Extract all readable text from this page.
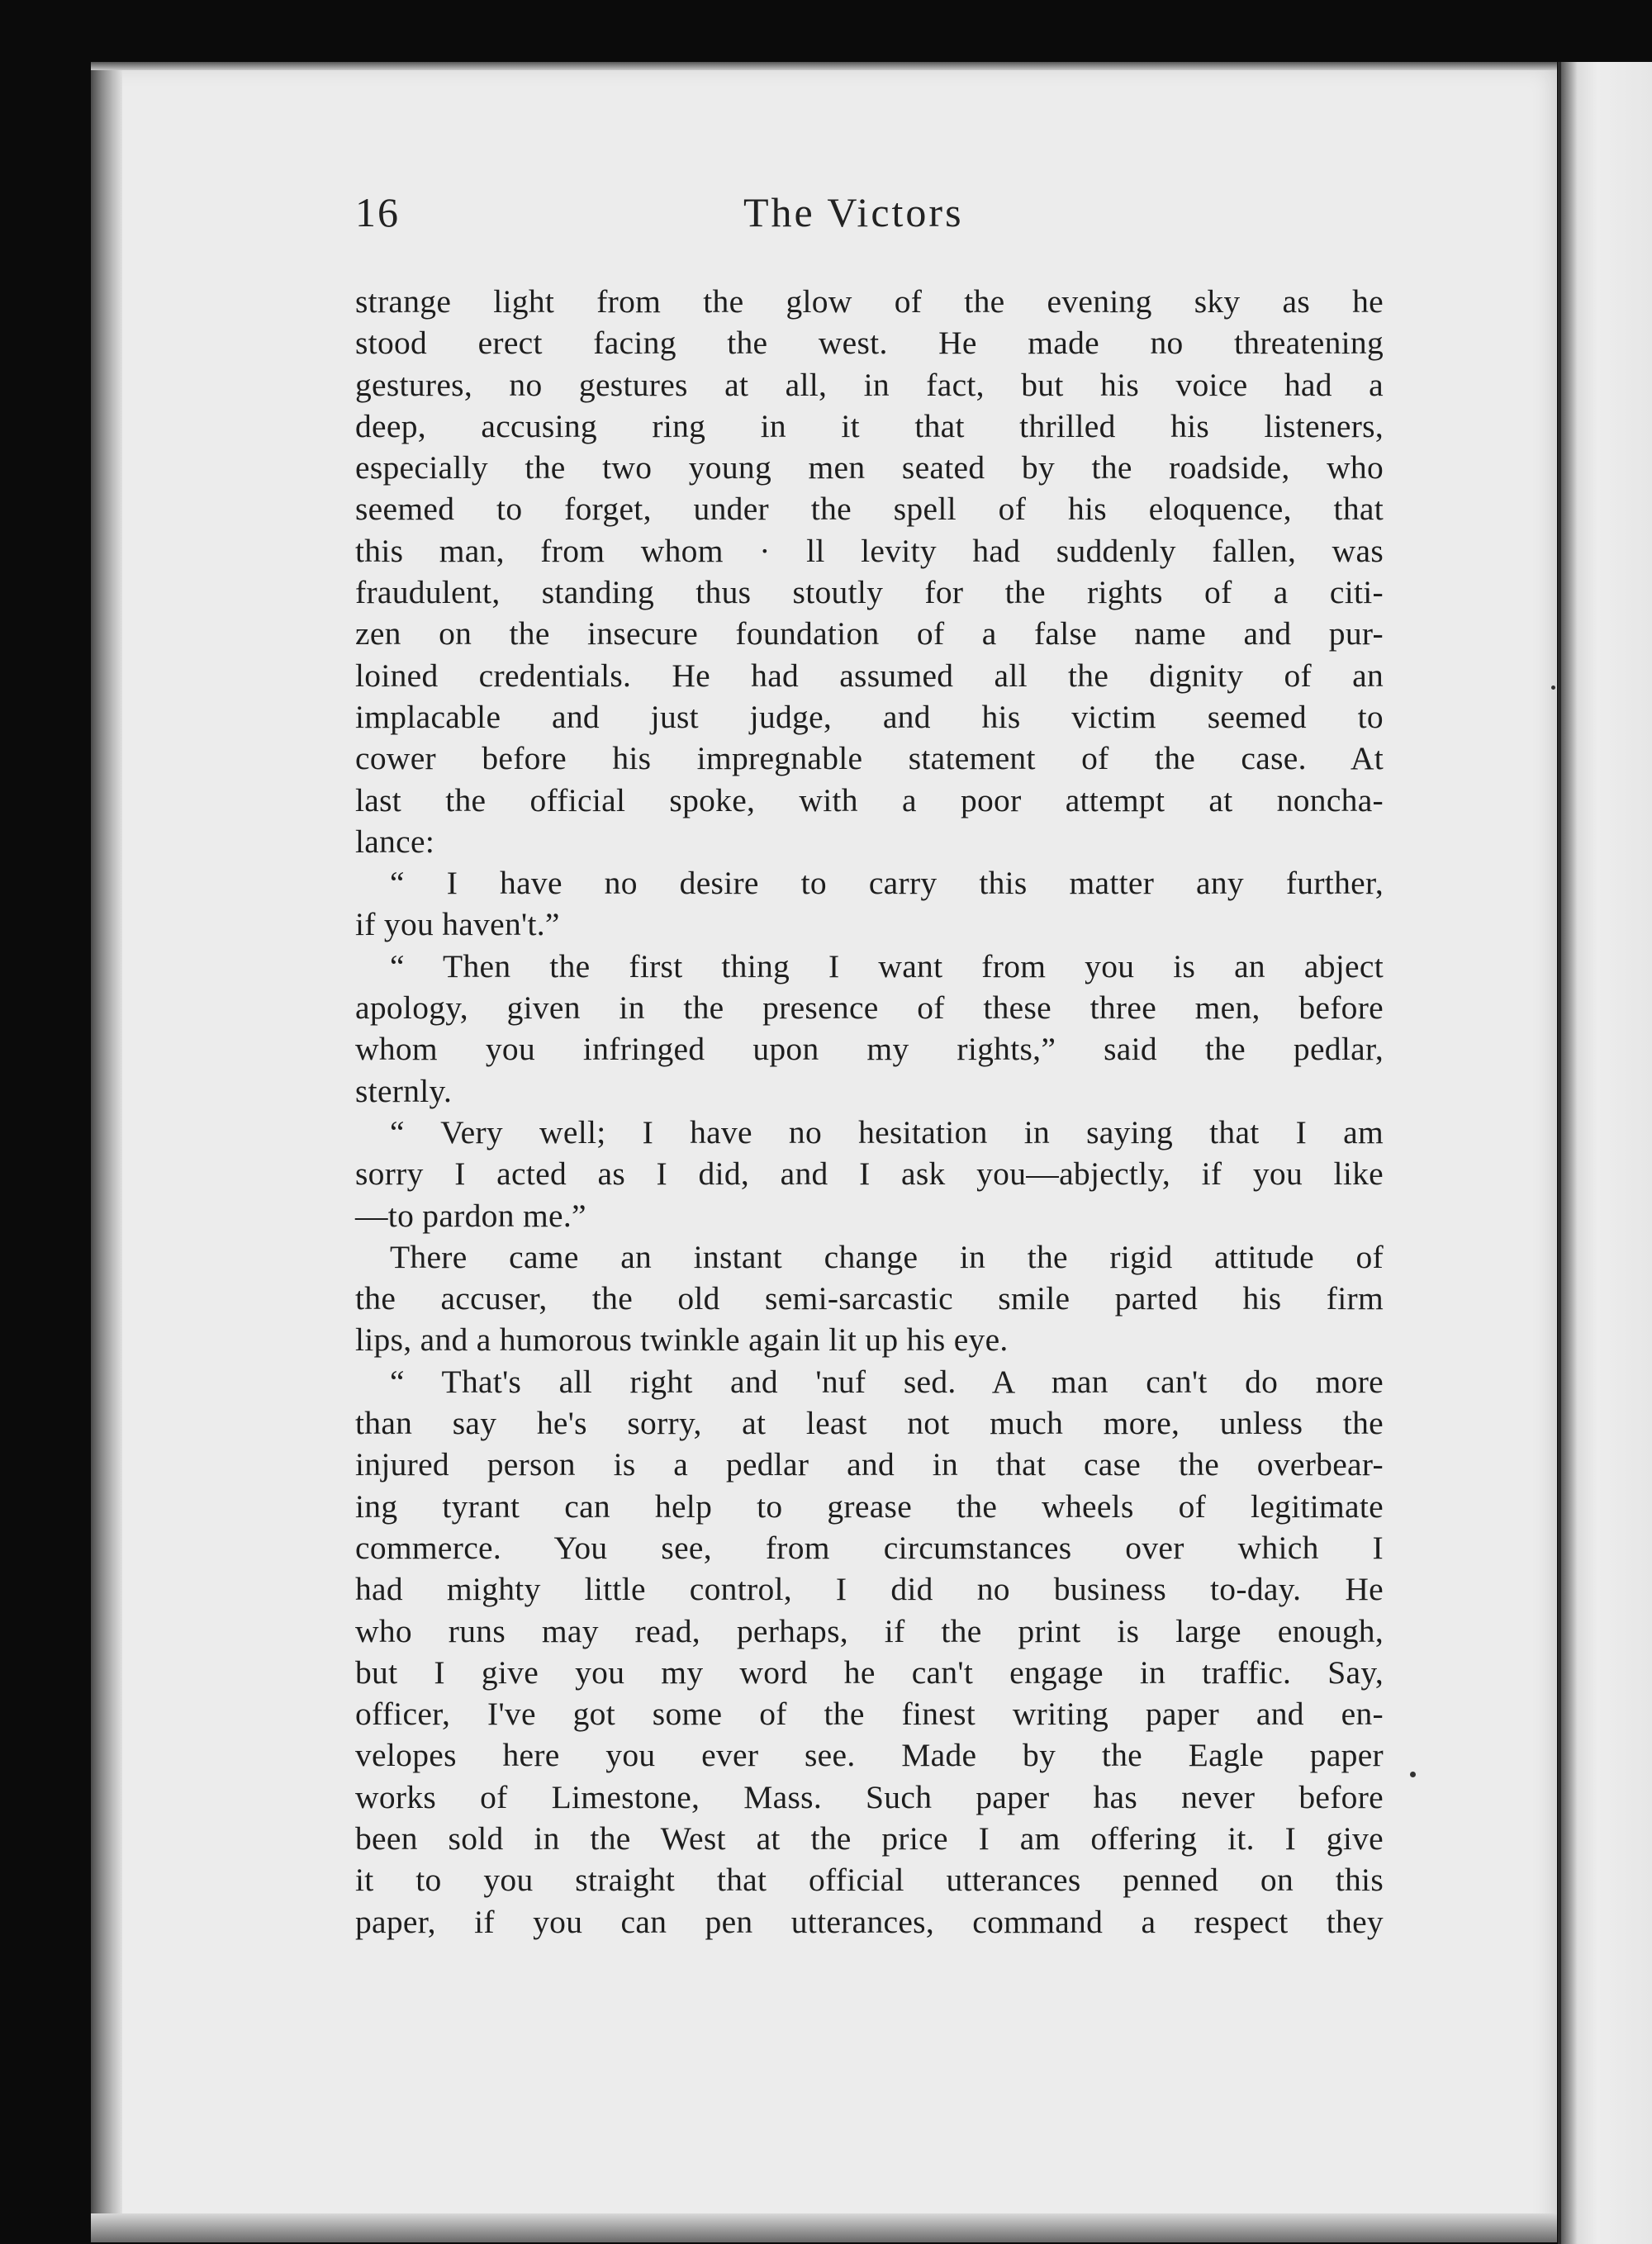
16	The Victors
strange light from the glow of the evening sky as he
stood erect facing the west. He made no threatening
gestures, no gestures at all, in fact, but his voice had a
deep, accusing ring in it that thrilled his listeners,
especially the two young men seated by the roadside, who
seemed to forget, under the spell of his eloquence, that
this man, from whom · ll levity had suddenly fallen, was
fraudulent, standing thus stoutly for the rights of a citi-
zen on the insecure foundation of a false name and pur-
loined credentials. He had assumed all the dignity of an
implacable and just judge, and his victim seemed to
cower before his impregnable statement of the case. At
last the official spoke, with a poor attempt at noncha-
lance:
“ I have no desire to carry this matter any further,
if you haven't.”
“ Then the first thing I want from you is an abject
apology, given in the presence of these three men, before
whom you infringed upon my rights,” said the pedlar,
sternly.
“ Very well; I have no hesitation in saying that I am
sorry I acted as I did, and I ask you—abjectly, if you like
—to pardon me.”
There came an instant change in the rigid attitude of
the accuser, the old semi-sarcastic smile parted his firm
lips, and a humorous twinkle again lit up his eye.
“ That's all right and 'nuf sed. A man can't do more
than say he's sorry, at least not much more, unless the
injured person is a pedlar and in that case the overbear-
ing tyrant can help to grease the wheels of legitimate
commerce. You see, from circumstances over which I
had mighty little control, I did no business to-day. He
who runs may read, perhaps, if the print is large enough,
but I give you my word he can't engage in traffic. Say,
officer, I've got some of the finest writing paper and en-
velopes here you ever see. Made by the Eagle paper
works of Limestone, Mass. Such paper has never before
been sold in the West at the price I am offering it. I give
it to you straight that official utterances penned on this
paper, if you can pen utterances, command a respect they
